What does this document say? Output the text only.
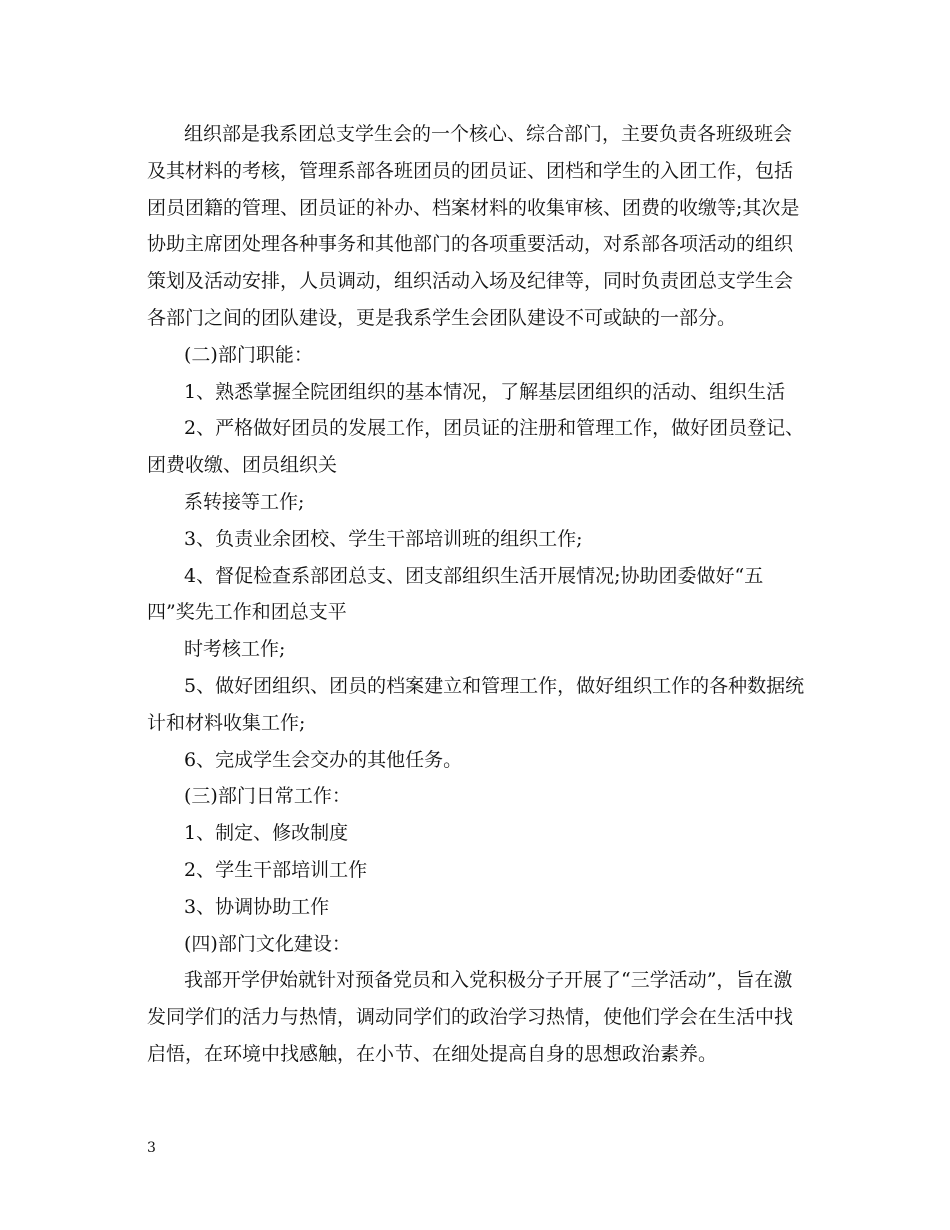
组织部是我系团总支学生会的一个核心、综合部门，主要负责各班级班会及其材料的考核，管理系部各班团员的团员证、团档和学生的入团工作，包括团员团籍的管理、团员证的补办、档案材料的收集审核、团费的收缴等;其次是协助主席团处理各种事务和其他部门的各项重要活动，对系部各项活动的组织策划及活动安排，人员调动，组织活动入场及纪律等，同时负责团总支学生会各部门之间的团队建设，更是我系学生会团队建设不可或缺的一部分。

(二)部门职能：

1、熟悉掌握全院团组织的基本情况，了解基层团组织的活动、组织生活

2、严格做好团员的发展工作，团员证的注册和管理工作，做好团员登记、团费收缴、团员组织关

系转接等工作;

3、负责业余团校、学生干部培训班的组织工作;

4、督促检查系部团总支、团支部组织生活开展情况;协助团委做好“五四”奖先工作和团总支平

时考核工作;

5、做好团组织、团员的档案建立和管理工作，做好组织工作的各种数据统计和材料收集工作;

6、完成学生会交办的其他任务。

(三)部门日常工作：

1、制定、修改制度

2、学生干部培训工作

3、协调协助工作

(四)部门文化建设：

我部开学伊始就针对预备党员和入党积极分子开展了“三学活动”，旨在激发同学们的活力与热情，调动同学们的政治学习热情，使他们学会在生活中找启悟，在环境中找感触，在小节、在细处提高自身的思想政治素养。

3
